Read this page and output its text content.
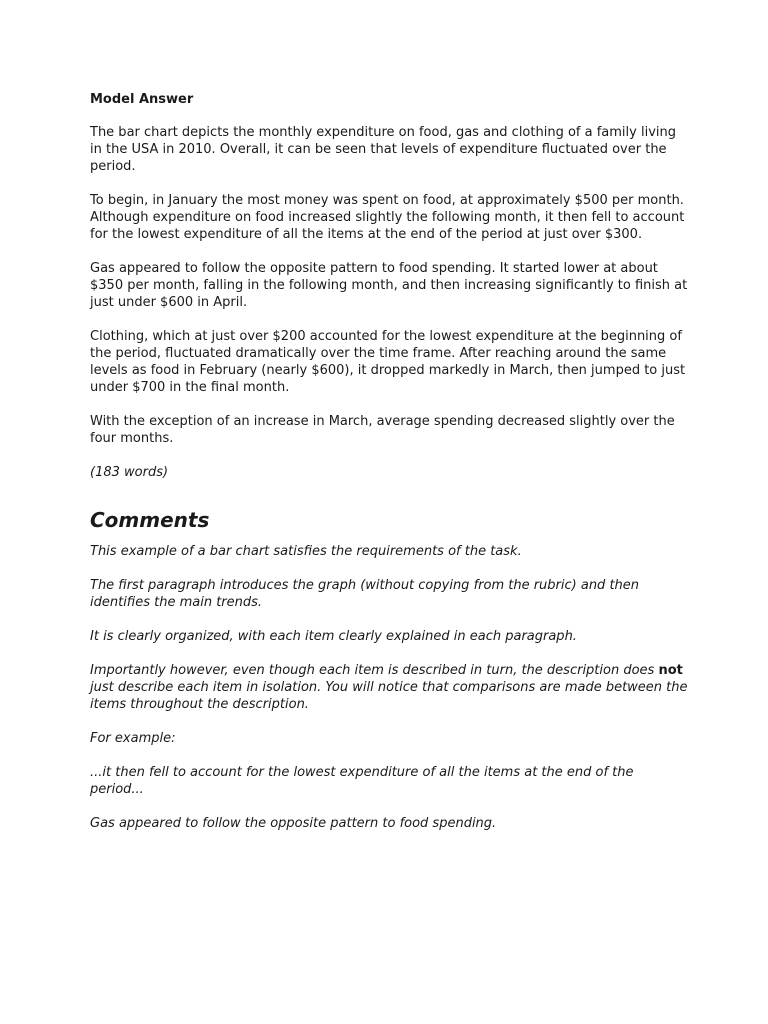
Model Answer

The bar chart depicts the monthly expenditure on food, gas and clothing of a family living in the USA in 2010. Overall, it can be seen that levels of expenditure fluctuated over the period.

To begin, in January the most money was spent on food, at approximately $500 per month. Although expenditure on food increased slightly the following month, it then fell to account for the lowest expenditure of all the items at the end of the period at just over $300.

Gas appeared to follow the opposite pattern to food spending. It started lower at about $350 per month, falling in the following month, and then increasing significantly to finish at just under $600 in April.

Clothing, which at just over $200 accounted for the lowest expenditure at the beginning of the period, fluctuated dramatically over the time frame. After reaching around the same levels as food in February (nearly $600), it dropped markedly in March, then jumped to just under $700 in the final month.

With the exception of an increase in March, average spending decreased slightly over the four months.

(183 words)

Comments

This example of a bar chart satisfies the requirements of the task.

The first paragraph introduces the graph (without copying from the rubric) and then identifies the main trends.

It is clearly organized, with each item clearly explained in each paragraph.

Importantly however, even though each item is described in turn, the description does not just describe each item in isolation. You will notice that comparisons are made between the items throughout the description.

For example:

...it then fell to account for the lowest expenditure of all the items at the end of the period...

Gas appeared to follow the opposite pattern to food spending.
